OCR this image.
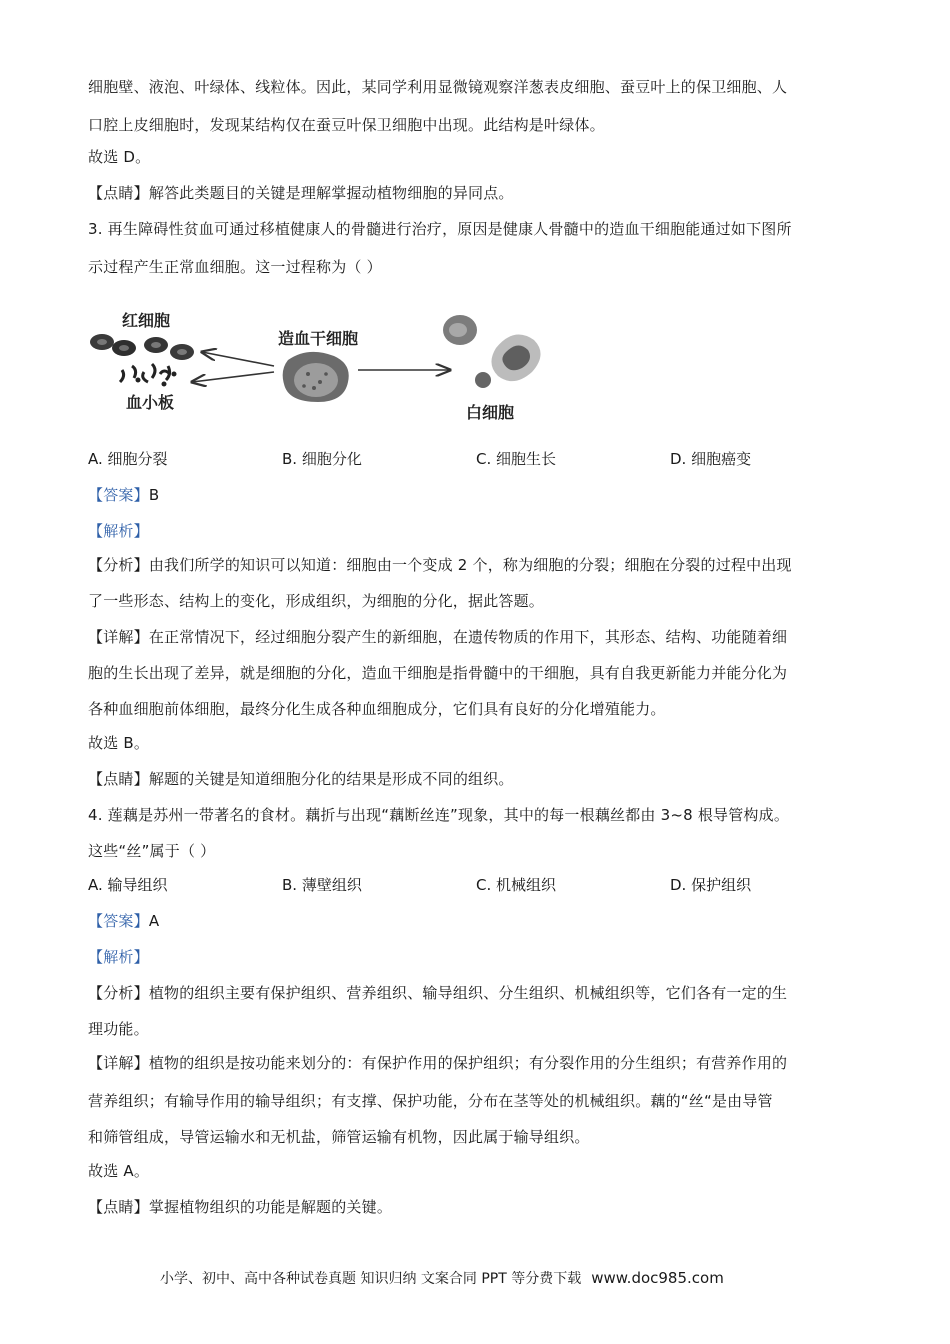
细胞壁、液泡、叶绿体、线粒体。因此，某同学利用显微镜观察洋葱表皮细胞、蚕豆叶上的保卫细胞、人
口腔上皮细胞时，发现某结构仅在蚕豆叶保卫细胞中出现。此结构是叶绿体。
故选 D。
【点睛】解答此类题目的关键是理解掌握动植物细胞的异同点。
3. 再生障碍性贫血可通过移植健康人的骨髓进行治疗，原因是健康人骨髓中的造血干细胞能通过如下图所
示过程产生正常血细胞。这一过程称为（ ）
红细胞
血小板
造血干细胞
白细胞
A. 细胞分裂	B. 细胞分化	C. 细胞生长	D. 细胞癌变
【答案】B
【解析】
【分析】由我们所学的知识可以知道：细胞由一个变成 2 个，称为细胞的分裂；细胞在分裂的过程中出现
了一些形态、结构上的变化，形成组织，为细胞的分化，据此答题。
【详解】在正常情况下，经过细胞分裂产生的新细胞，在遗传物质的作用下，其形态、结构、功能随着细
胞的生长出现了差异，就是细胞的分化，造血干细胞是指骨髓中的干细胞，具有自我更新能力并能分化为
各种血细胞前体细胞，最终分化生成各种血细胞成分，它们具有良好的分化增殖能力。
故选 B。
【点睛】解题的关键是知道细胞分化的结果是形成不同的组织。
4. 莲藕是苏州一带著名的食材。藕折与出现“藕断丝连”现象，其中的每一根藕丝都由 3~8 根导管构成。
这些“丝”属于（ ）
A. 输导组织	B. 薄壁组织	C. 机械组织	D. 保护组织
【答案】A
【解析】
【分析】植物的组织主要有保护组织、营养组织、输导组织、分生组织、机械组织等，它们各有一定的生
理功能。
【详解】植物的组织是按功能来划分的：有保护作用的保护组织；有分裂作用的分生组织；有营养作用的
营养组织；有输导作用的输导组织；有支撑、保护功能，分布在茎等处的机械组织。藕的“丝“是由导管
和筛管组成，导管运输水和无机盐，筛管运输有机物，因此属于输导组织。
故选 A。
【点睛】掌握植物组织的功能是解题的关键。
小学、初中、高中各种试卷真题 知识归纳 文案合同 PPT 等分费下载 www.doc985.com
